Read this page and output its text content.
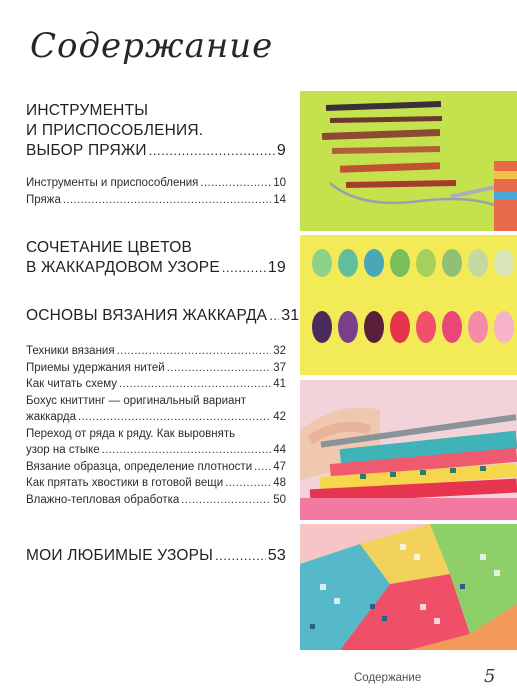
Содержание
ИНСТРУМЕНТЫ
И ПРИСПОСОБЛЕНИЯ.
ВЫБОР ПРЯЖИ .....	9
Инструменты и приспособления .....	10
Пряжа .....	14
СОЧЕТАНИЕ ЦВЕТОВ
В ЖАККАРДОВОМ УЗОРЕ .....	19
ОСНОВЫ ВЯЗАНИЯ ЖАККАРДА ..... 31
Техники вязания .....	32
Приемы удержания нитей .....	37
Как читать схему .....	41
Бохус книттинг — оригинальный вариант
жаккарда .....	42
Переход от ряда к ряду. Как выровнять
узор на стыке .....	44
Вязание образца, определение плотности ..... 47
Как прятать хвостики в готовой вещи .....	48
Влажно-тепловая обработка .....	50
МОИ ЛЮБИМЫЕ УЗОРЫ .....	53
Содержание	5
